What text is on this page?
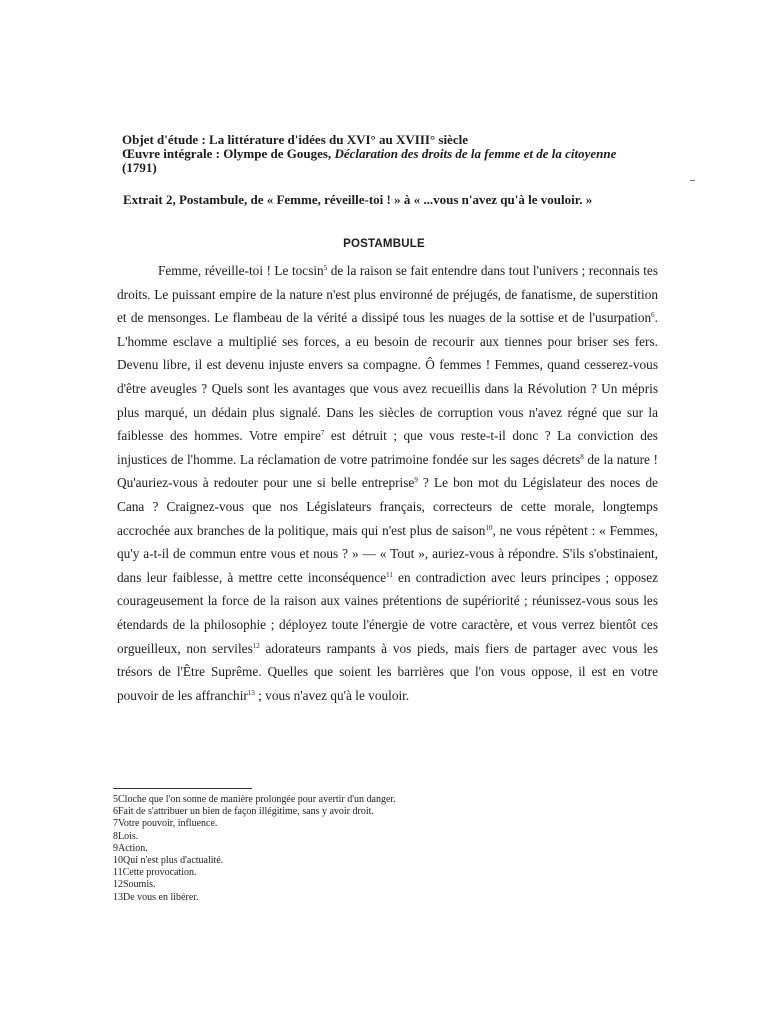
Objet d'étude : La littérature d'idées du XVI° au XVIII° siècle
Œuvre intégrale : Olympe de Gouges, Déclaration des droits de la femme et de la citoyenne
(1791)
Extrait 2, Postambule, de « Femme, réveille-toi ! » à « ...vous n'avez qu'à le vouloir. »
POSTAMBULE

Femme, réveille-toi ! Le tocsin$^5$ de la raison se fait entendre dans tout l'univers ; reconnais tes droits. Le puissant empire de la nature n'est plus environné de préjugés, de fanatisme, de superstition et de mensonges. Le flambeau de la vérité a dissipé tous les nuages de la sottise et de l'usurpation$^6$. L'homme esclave a multiplié ses forces, a eu besoin de recourir aux tiennes pour briser ses fers. Devenu libre, il est devenu injuste envers sa compagne. Ô femmes ! Femmes, quand cesserez-vous d'être aveugles ? Quels sont les avantages que vous avez recueillis dans la Révolution ? Un mépris plus marqué, un dédain plus signalé. Dans les siècles de corruption vous n'avez régné que sur la faiblesse des hommes. Votre empire$^7$ est détruit ; que vous reste-t-il donc ? La conviction des injustices de l'homme. La réclamation de votre patrimoine fondée sur les sages décrets$^8$ de la nature ! Qu'auriez-vous à redouter pour une si belle entreprise$^9$ ? Le bon mot du Législateur des noces de Cana ? Craignez-vous que nos Législateurs français, correcteurs de cette morale, longtemps accrochée aux branches de la politique, mais qui n'est plus de saison$^{10}$, ne vous répètent : « Femmes, qu'y a-t-il de commun entre vous et nous ? » — « Tout », auriez-vous à répondre. S'ils s'obstinaient, dans leur faiblesse, à mettre cette inconséquence$^{11}$ en contradiction avec leurs principes ; opposez courageusement la force de la raison aux vaines prétentions de supériorité ; réunissez-vous sous les étendards de la philosophie ; déployez toute l'énergie de votre caractère, et vous verrez bientôt ces orgueilleux, non serviles$^{12}$ adorateurs rampants à vos pieds, mais fiers de partager avec vous les trésors de l'Être Suprême. Quelles que soient les barrières que l'on vous oppose, il est en votre pouvoir de les affranchir$^{13}$ ; vous n'avez qu'à le vouloir.

5Cloche que l'on sonne de manière prolongée pour avertir d'un danger.
6Fait de s'attribuer un bien de façon illégitime, sans y avoir droit.
7Votre pouvoir, influence.
8Lois.
9Action.
10Qui n'est plus d'actualité.
11Cette provocation.
12Soumis.
13De vous en libérer.
